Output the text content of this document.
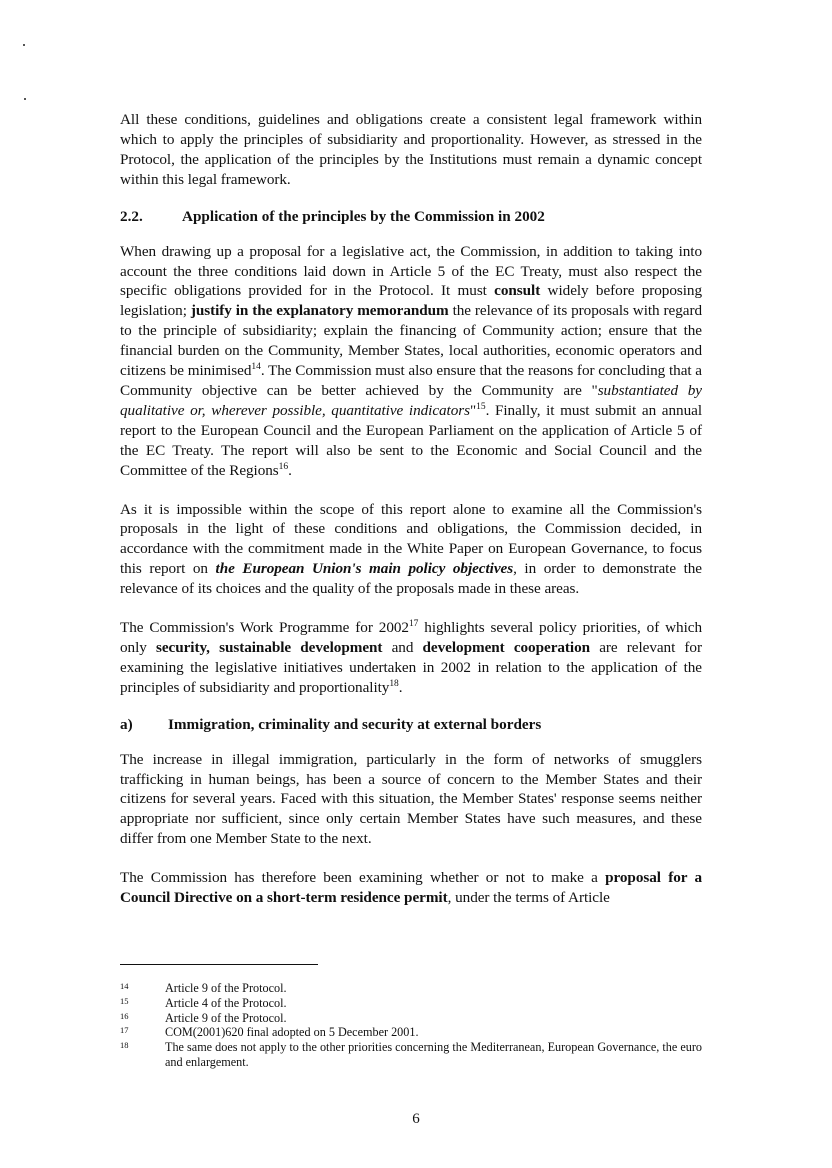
All these conditions, guidelines and obligations create a consistent legal framework within which to apply the principles of subsidiarity and proportionality. However, as stressed in the Protocol, the application of the principles by the Institutions must remain a dynamic concept within this legal framework.

2.2.	Application of the principles by the Commission in 2002

When drawing up a proposal for a legislative act, the Commission, in addition to taking into account the three conditions laid down in Article 5 of the EC Treaty, must also respect the specific obligations provided for in the Protocol. It must consult widely before proposing legislation; justify in the explanatory memorandum the relevance of its proposals with regard to the principle of subsidiarity; explain the financing of Community action; ensure that the financial burden on the Community, Member States, local authorities, economic operators and citizens be minimised$^{14}$. The Commission must also ensure that the reasons for concluding that a Community objective can be better achieved by the Community are "substantiated by qualitative or, wherever possible, quantitative indicators"$^{15}$. Finally, it must submit an annual report to the European Council and the European Parliament on the application of Article 5 of the EC Treaty. The report will also be sent to the Economic and Social Council and the Committee of the Regions$^{16}$.

As it is impossible within the scope of this report alone to examine all the Commission's proposals in the light of these conditions and obligations, the Commission decided, in accordance with the commitment made in the White Paper on European Governance, to focus this report on the European Union's main policy objectives, in order to demonstrate the relevance of its choices and the quality of the proposals made in these areas.

The Commission's Work Programme for 2002$^{17}$ highlights several policy priorities, of which only security, sustainable development and development cooperation are relevant for examining the legislative initiatives undertaken in 2002 in relation to the application of the principles of subsidiarity and proportionality$^{18}$.

a)	Immigration, criminality and security at external borders

The increase in illegal immigration, particularly in the form of networks of smugglers trafficking in human beings, has been a source of concern to the Member States and their citizens for several years. Faced with this situation, the Member States' response seems neither appropriate nor sufficient, since only certain Member States have such measures, and these differ from one Member State to the next.

The Commission has therefore been examining whether or not to make a proposal for a Council Directive on a short-term residence permit, under the terms of Article

14	Article 9 of the Protocol.
15	Article 4 of the Protocol.
16	Article 9 of the Protocol.
17	COM(2001)620 final adopted on 5 December 2001.
18	The same does not apply to the other priorities concerning the Mediterranean, European Governance, the euro and enlargement.
6
